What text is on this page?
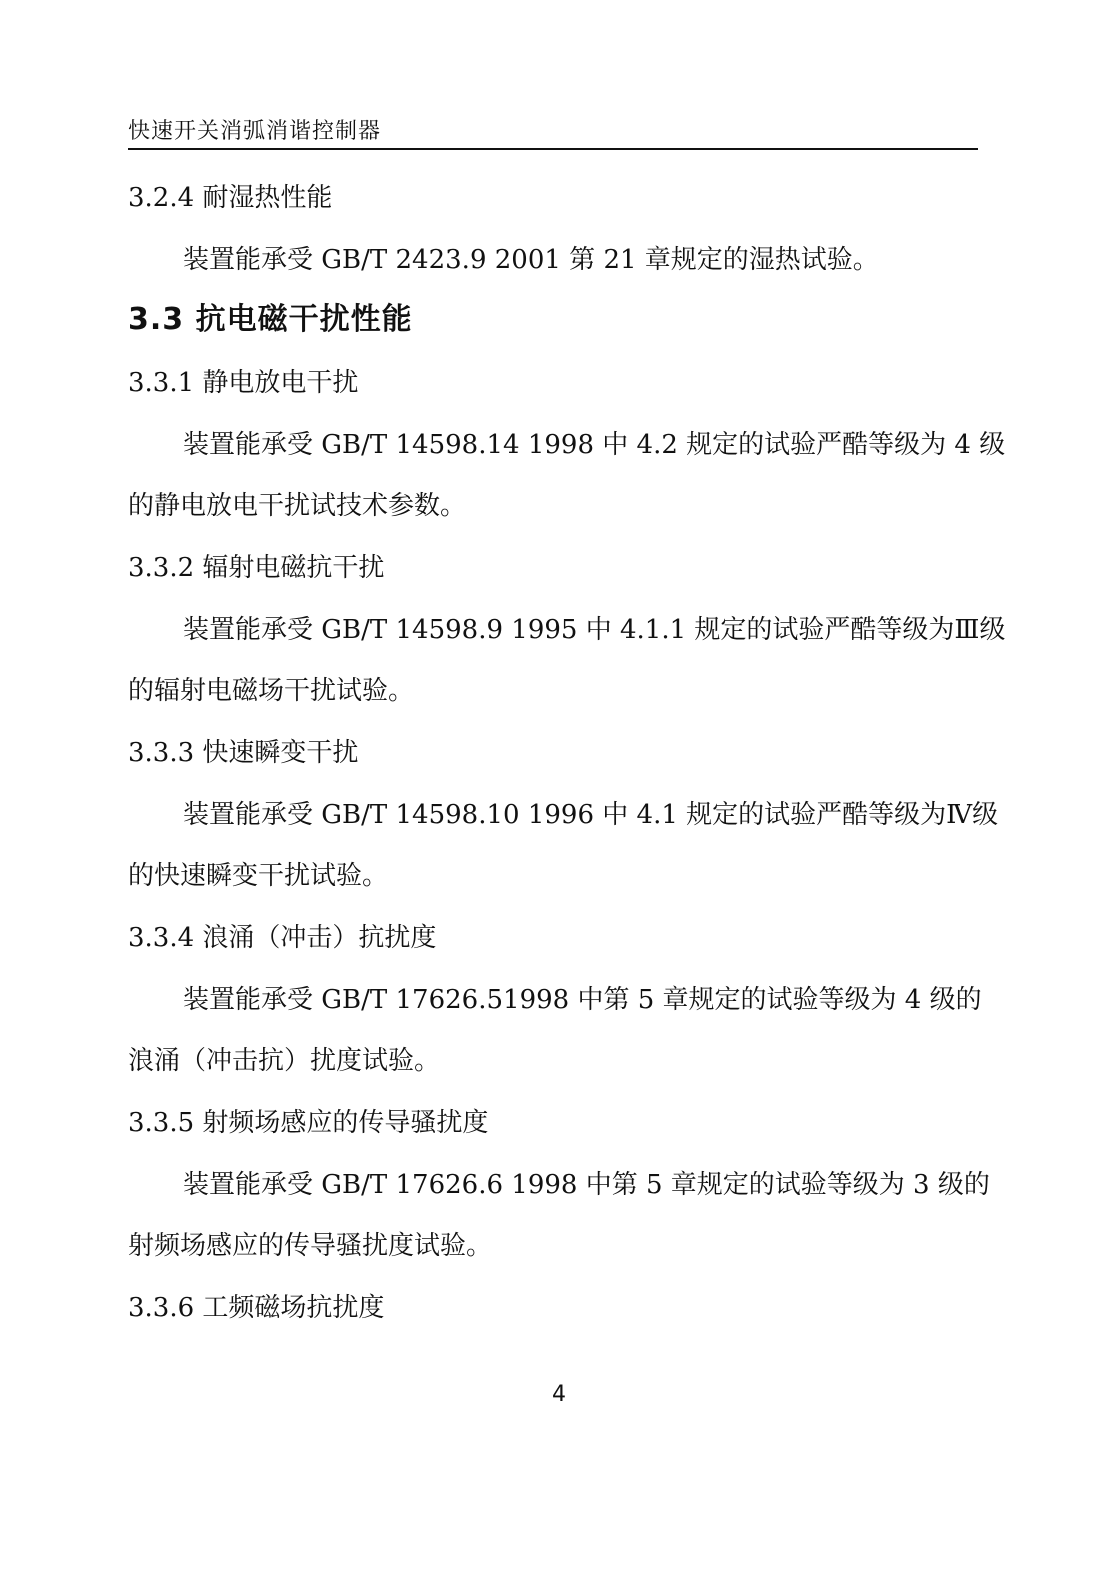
快速开关消弧消谐控制器
3.2.4 耐湿热性能
装置能承受 GB/T 2423.9 2001 第 21 章规定的湿热试验。
3.3 抗电磁干扰性能
3.3.1 静电放电干扰
装置能承受 GB/T 14598.14 1998 中 4.2 规定的试验严酷等级为 4 级
的静电放电干扰试技术参数。
3.3.2 辐射电磁抗干扰
装置能承受 GB/T 14598.9 1995 中 4.1.1 规定的试验严酷等级为Ⅲ级
的辐射电磁场干扰试验。
3.3.3 快速瞬变干扰
装置能承受 GB/T 14598.10 1996 中 4.1 规定的试验严酷等级为Ⅳ级
的快速瞬变干扰试验。
3.3.4 浪涌（冲击）抗扰度
装置能承受 GB/T 17626.51998 中第 5 章规定的试验等级为 4 级的
浪涌（冲击抗）扰度试验。
3.3.5 射频场感应的传导骚扰度
装置能承受 GB/T 17626.6 1998 中第 5 章规定的试验等级为 3 级的
射频场感应的传导骚扰度试验。
3.3.6 工频磁场抗扰度
4
